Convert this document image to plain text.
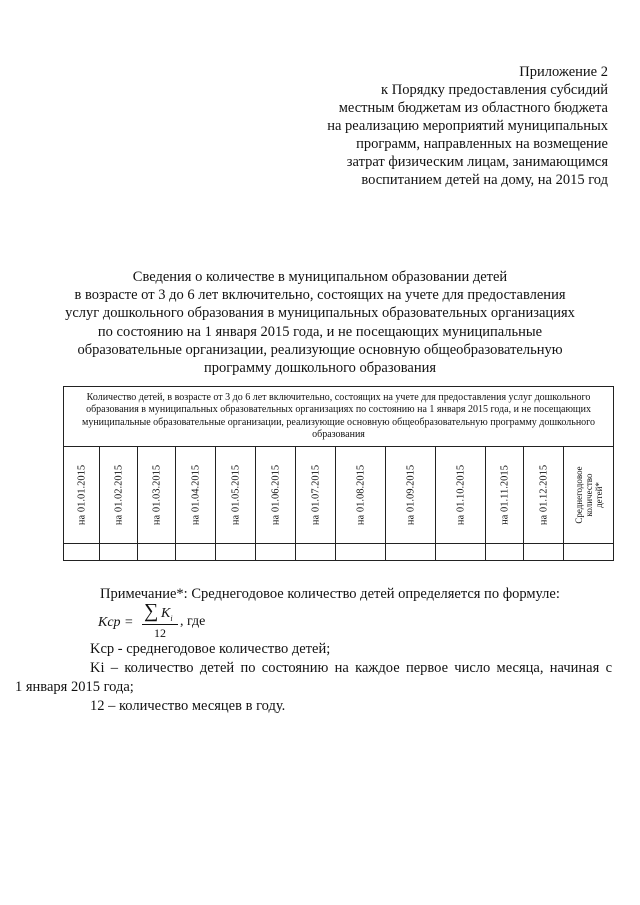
Приложение 2
к Порядку предоставления субсидий
местным бюджетам из областного бюджета
на реализацию мероприятий муниципальных
программ, направленных на возмещение
затрат физическим лицам, занимающимся
воспитанием детей на дому, на 2015 год
Сведения о количестве в муниципальном образовании детей
в возрасте от 3 до 6 лет включительно, состоящих на учете для предоставления
услуг дошкольного образования в муниципальных образовательных организациях
по состоянию на 1 января 2015 года, и не посещающих муниципальные
образовательные организации, реализующие основную общеобразовательную
программу дошкольного образования
Количество детей, в возрасте от 3 до 6 лет включительно, состоящих на учете для предоставления услуг дошкольного образования в муниципальных образовательных организациях по состоянию на 1 января 2015 года, и не посещающих муниципальные образовательные организации, реализующие основную общеобразовательную программу дошкольного образования												

на 01.01.2015	на 01.02.2015	на 01.03.2015	на 01.04.2015	на 01.05.2015	на 01.06.2015	на 01.07.2015	на 01.08.2015	на 01.09.2015	на 01.10.2015	на 01.11.2015	на 01.12.2015	Среднегодовое
количество
детей*

Примечание*: Среднегодовое количество детей определяется по формуле:
Kcp =
∑ $K_i$
12
, где
Kcp - среднегодовое количество детей;
Ki – количество детей по состоянию на каждое первое число месяца, начиная с
1 января 2015 года;
12 – количество месяцев в году.
